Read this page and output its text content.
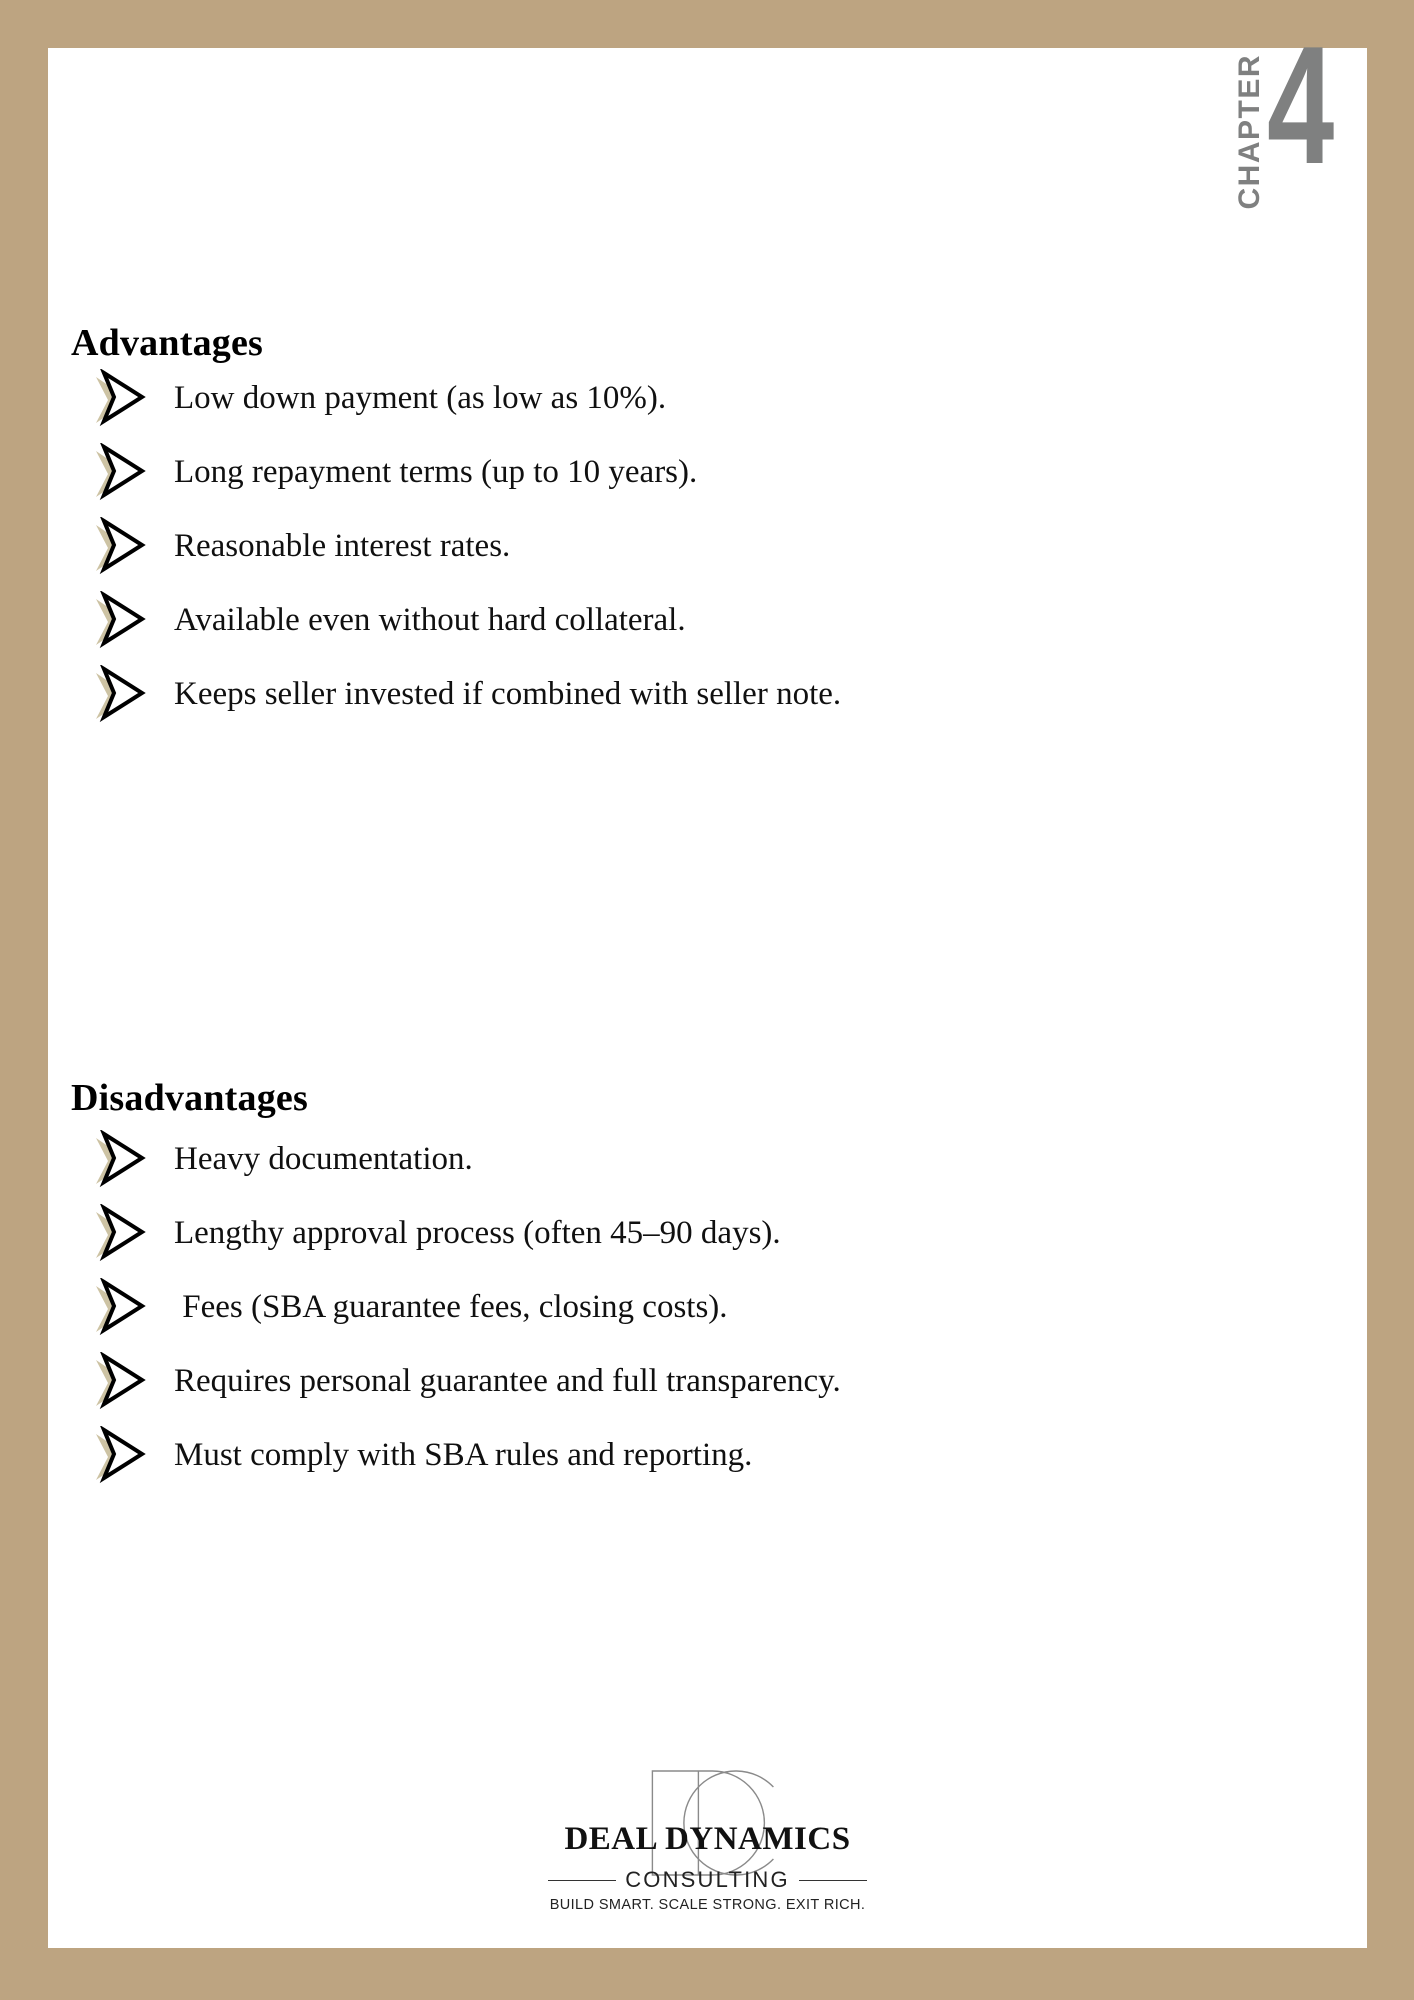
CHAPTER 4
Advantages
Low down payment (as low as 10%).
Long repayment terms (up to 10 years).
Reasonable interest rates.
Available even without hard collateral.
Keeps seller invested if combined with seller note.
Disadvantages
Heavy documentation.
Lengthy approval process (often 45–90 days).
Fees (SBA guarantee fees, closing costs).
Requires personal guarantee and full transparency.
Must comply with SBA rules and reporting.
DEAL DYNAMICS
CONSULTING
BUILD SMART. SCALE STRONG. EXIT RICH.
